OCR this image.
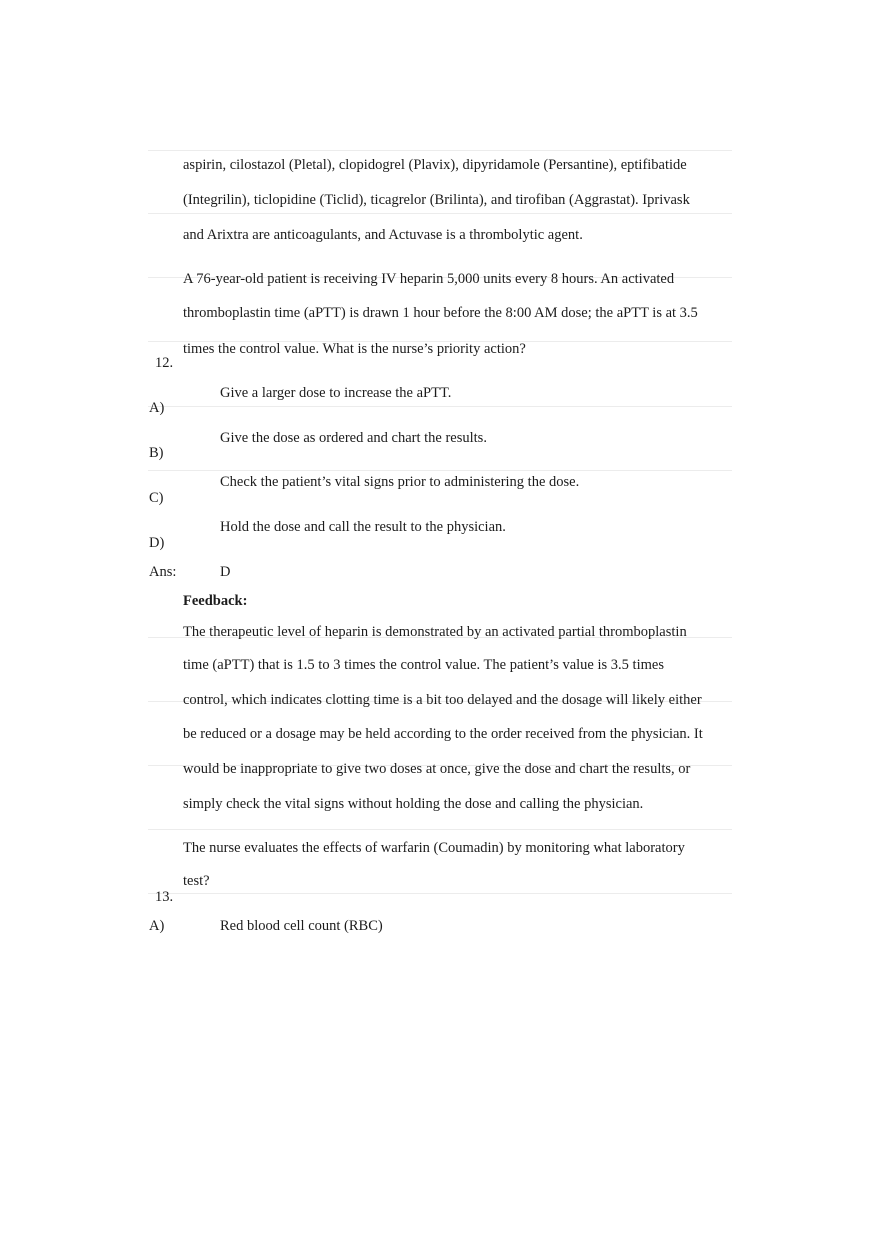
aspirin, cilostazol (Pletal), clopidogrel (Plavix), dipyridamole (Persantine), eptifibatide
(Integrilin), ticlopidine (Ticlid), ticagrelor (Brilinta), and tirofiban (Aggrastat). Iprivask
and Arixtra are anticoagulants, and Actuvase is a thrombolytic agent.
A 76-year-old patient is receiving IV heparin 5,000 units every 8 hours. An activated
thromboplastin time (aPTT) is drawn 1 hour before the 8:00 AM dose; the aPTT is at 3.5
times the control value. What is the nurse’s priority action?
12.
Give a larger dose to increase the aPTT.
A)
Give the dose as ordered and chart the results.
B)
Check the patient’s vital signs prior to administering the dose.
C)
Hold the dose and call the result to the physician.
D)
Ans:	D
Feedback:
The therapeutic level of heparin is demonstrated by an activated partial thromboplastin
time (aPTT) that is 1.5 to 3 times the control value. The patient’s value is 3.5 times
control, which indicates clotting time is a bit too delayed and the dosage will likely either
be reduced or a dosage may be held according to the order received from the physician. It
would be inappropriate to give two doses at once, give the dose and chart the results, or
simply check the vital signs without holding the dose and calling the physician.
The nurse evaluates the effects of warfarin (Coumadin) by monitoring what laboratory
test?
13.
A)	Red blood cell count (RBC)
